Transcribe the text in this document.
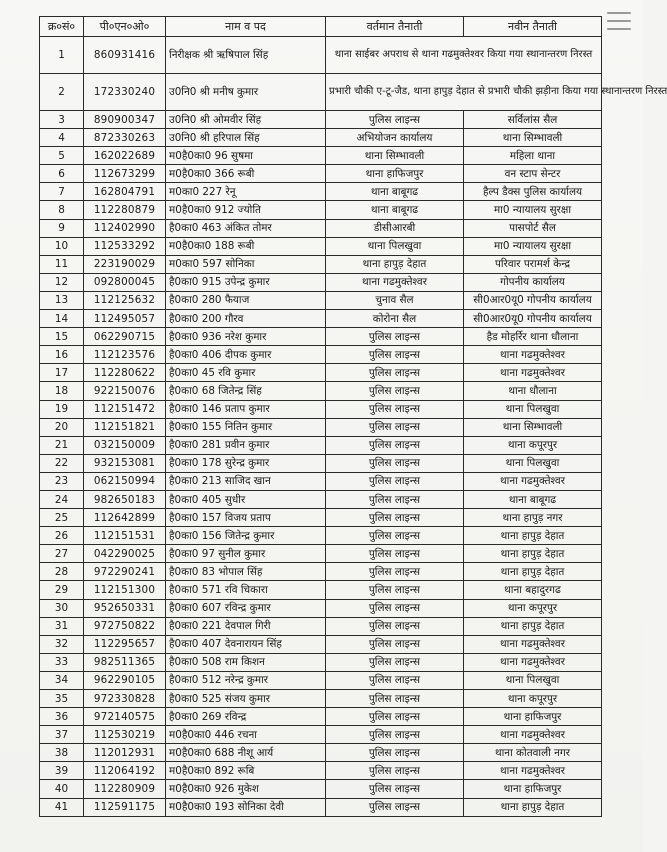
क्र०सं०	पी०एन०ओ०	नाम व पद	वर्तमान तैनाती	नवीन तैनाती
1	860931416	निरीक्षक श्री ऋषिपाल सिंह	थाना साईबर अपराध से थाना गढमुक्तेश्वर किया गया स्थानान्तरण निरस्त	
2	172330240	उ0नि0 श्री मनीष कुमार	प्रभारी चौकी ए-टू-जैड, थाना हापुड़ देहात से प्रभारी चौकी झड़ीना किया गया स्थानान्तरण निरस्त	
3	890900347	उ0नि0 श्री ओमवीर सिंह	पुलिस लाइन्स	सर्विलांस सैल
4	872330263	उ0नि0 श्री हरिपाल सिंह	अभियोजन कार्यालय	थाना सिम्भावली
5	162022689	म0है0का0 96 सुषमा	थाना सिम्भावली	महिला थाना
6	112673299	म0है0का0 366 रूबी	थाना हाफिजपुर	वन स्टाप सेन्टर
7	162804791	म0का0 227 रेनू	थाना बाबूगढ	हैल्प डैक्स पुलिस कार्यालय
8	112280879	म0है0का0 912 ज्योति	थाना बाबूगढ	मा0 न्यायालय सुरक्षा
9	112402990	है0का0 463 अंकित तोमर	डीसीआरबी	पासपोर्ट सैल
10	112533292	म0है0का0 188 रूबी	थाना पिलखुवा	मा0 न्यायालय सुरक्षा
11	223190029	म0का0 597 सोनिका	थाना हापुड़ देहात	परिवार परामर्श केन्द्र
12	092800045	है0का0 915 उपेन्द्र कुमार	थाना गढमुक्तेश्वर	गोपनीय कार्यालय
13	112125632	है0का0 280 फैयाज	चुनाव सैल	सी0आर0यू0 गोपनीय कार्यालय
14	112495057	है0का0 200 गौरव	कोरोना सैल	सी0आर0यू0 गोपनीय कार्यालय
15	062290715	है0का0 936 नरेश कुमार	पुलिस लाइन्स	हैड मोहर्रिर थाना धौलाना
16	112123576	है0का0 406 दीपक कुमार	पुलिस लाइन्स	थाना गढमुक्तेश्वर
17	112280622	है0का0 45 रवि कुमार	पुलिस लाइन्स	थाना गढमुक्तेश्वर
18	922150076	है0का0 68 जितेन्द्र सिंह	पुलिस लाइन्स	थाना धौलाना
19	112151472	है0का0 146 प्रताप कुमार	पुलिस लाइन्स	थाना पिलखुवा
20	112151821	है0का0 155 नितिन कुमार	पुलिस लाइन्स	थाना सिम्भावली
21	032150009	है0का0 281 प्रवीन कुमार	पुलिस लाइन्स	थाना कपूरपुर
22	932153081	है0का0 178 सुरेन्द्र कुमार	पुलिस लाइन्स	थाना पिलखुवा
23	062150994	है0का0 213 साजिद खान	पुलिस लाइन्स	थाना गढमुक्तेश्वर
24	982650183	है0का0 405 सुधीर	पुलिस लाइन्स	थाना बाबूगढ
25	112642899	है0का0 157 विजय प्रताप	पुलिस लाइन्स	थाना हापुड़ नगर
26	112151531	है0का0 156 जितेन्द्र कुमार	पुलिस लाइन्स	थाना हापुड़ देहात
27	042290025	है0का0 97 सुनील कुमार	पुलिस लाइन्स	थाना हापुड़ देहात
28	972290241	है0का0 83 भोपाल सिंह	पुलिस लाइन्स	थाना हापुड़ देहात
29	112151300	है0का0 571 रवि चिकारा	पुलिस लाइन्स	थाना बहादुरगढ
30	952650331	है0का0 607 रविन्द्र कुमार	पुलिस लाइन्स	थाना कपूरपुर
31	972750822	है0का0 221 देवपाल गिरी	पुलिस लाइन्स	थाना हापुड़ देहात
32	112295657	है0का0 407 देवनारायन सिंह	पुलिस लाइन्स	थाना गढमुक्तेश्वर
33	982511365	है0का0 508 राम किशन	पुलिस लाइन्स	थाना गढमुक्तेश्वर
34	962290105	है0का0 512 नरेन्द्र कुमार	पुलिस लाइन्स	थाना पिलखुवा
35	972330828	है0का0 525 संजय कुमार	पुलिस लाइन्स	थाना कपूरपुर
36	972140575	है0का0 269 रविन्द्र	पुलिस लाइन्स	थाना हाफिजपुर
37	112530219	म0है0का0 446 रचना	पुलिस लाइन्स	थाना गढमुक्तेश्वर
38	112012931	म0है0का0 688 नीशू आर्य	पुलिस लाइन्स	थाना कोतवाली नगर
39	112064192	म0है0का0 892 रूबि	पुलिस लाइन्स	थाना गढमुक्तेश्वर
40	112280909	म0है0का0 926 मुकेश	पुलिस लाइन्स	थाना हाफिजपुर
41	112591175	म0है0का0 193 सोनिका देवी	पुलिस लाइन्स	थाना हापुड़ देहात
